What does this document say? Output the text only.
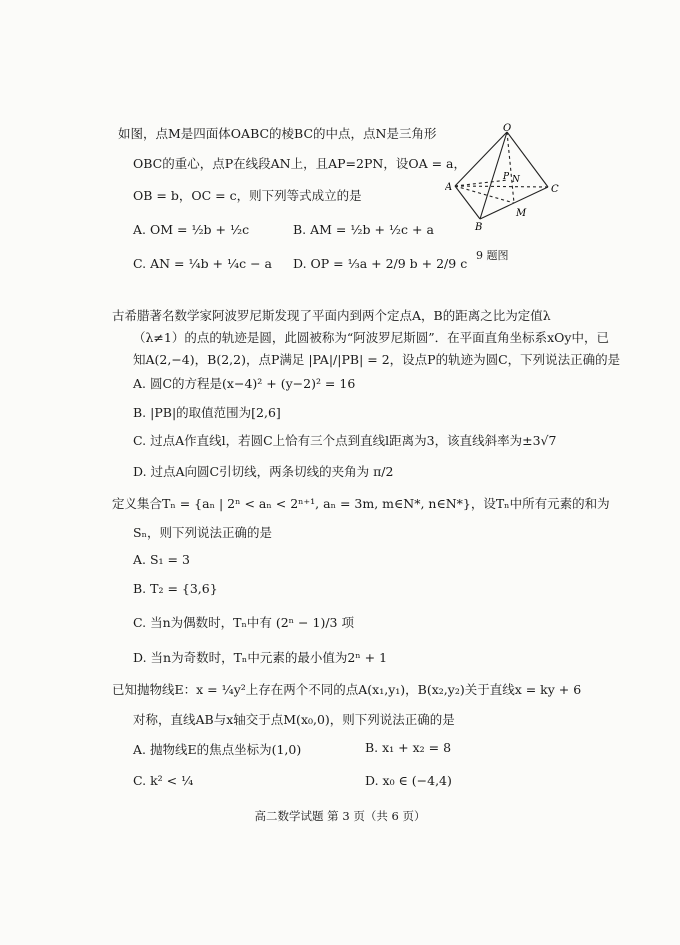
如图，点M是四面体OABC的棱BC的中点，点N是三角形
OBC的重心，点P在线段AN上，且AP=2PN，设OA = a，
OB = b，OC = c，则下列等式成立的是
A. OM = ½b + ½c	B. AM = ½b + ½c + a
C. AN = ¼b + ¼c − a D. OP = ⅓a + 2/9 b + 2/9 c
O
A	C
B
M
P N
9 题图
古希腊著名数学家阿波罗尼斯发现了平面内到两个定点A，B的距离之比为定值λ
（λ≠1）的点的轨迹是圆，此圆被称为“阿波罗尼斯圆”．在平面直角坐标系xOy中，已
知A(2,−4)，B(2,2)，点P满足 |PA|/|PB| = 2，设点P的轨迹为圆C，下列说法正确的是
A. 圆C的方程是(x−4)² + (y−2)² = 16
B. |PB|的取值范围为[2,6]
C. 过点A作直线l，若圆C上恰有三个点到直线l距离为3，该直线斜率为±3√7
D. 过点A向圆C引切线，两条切线的夹角为 π/2
定义集合Tₙ = {aₙ | 2ⁿ < aₙ < 2ⁿ⁺¹, aₙ = 3m, m∈N*, n∈N*}，设Tₙ中所有元素的和为
Sₙ，则下列说法正确的是
A. S₁ = 3
B. T₂ = {3,6}
C. 当n为偶数时，Tₙ中有 (2ⁿ − 1)/3 项
D. 当n为奇数时，Tₙ中元素的最小值为2ⁿ + 1
已知抛物线E：x = ¼y²上存在两个不同的点A(x₁,y₁)，B(x₂,y₂)关于直线x = ky + 6
对称，直线AB与x轴交于点M(x₀,0)，则下列说法正确的是
A. 抛物线E的焦点坐标为(1,0)	B. x₁ + x₂ = 8
C. k² < ¼	D. x₀ ∈ (−4,4)
高二数学试题 第 3 页（共 6 页）
